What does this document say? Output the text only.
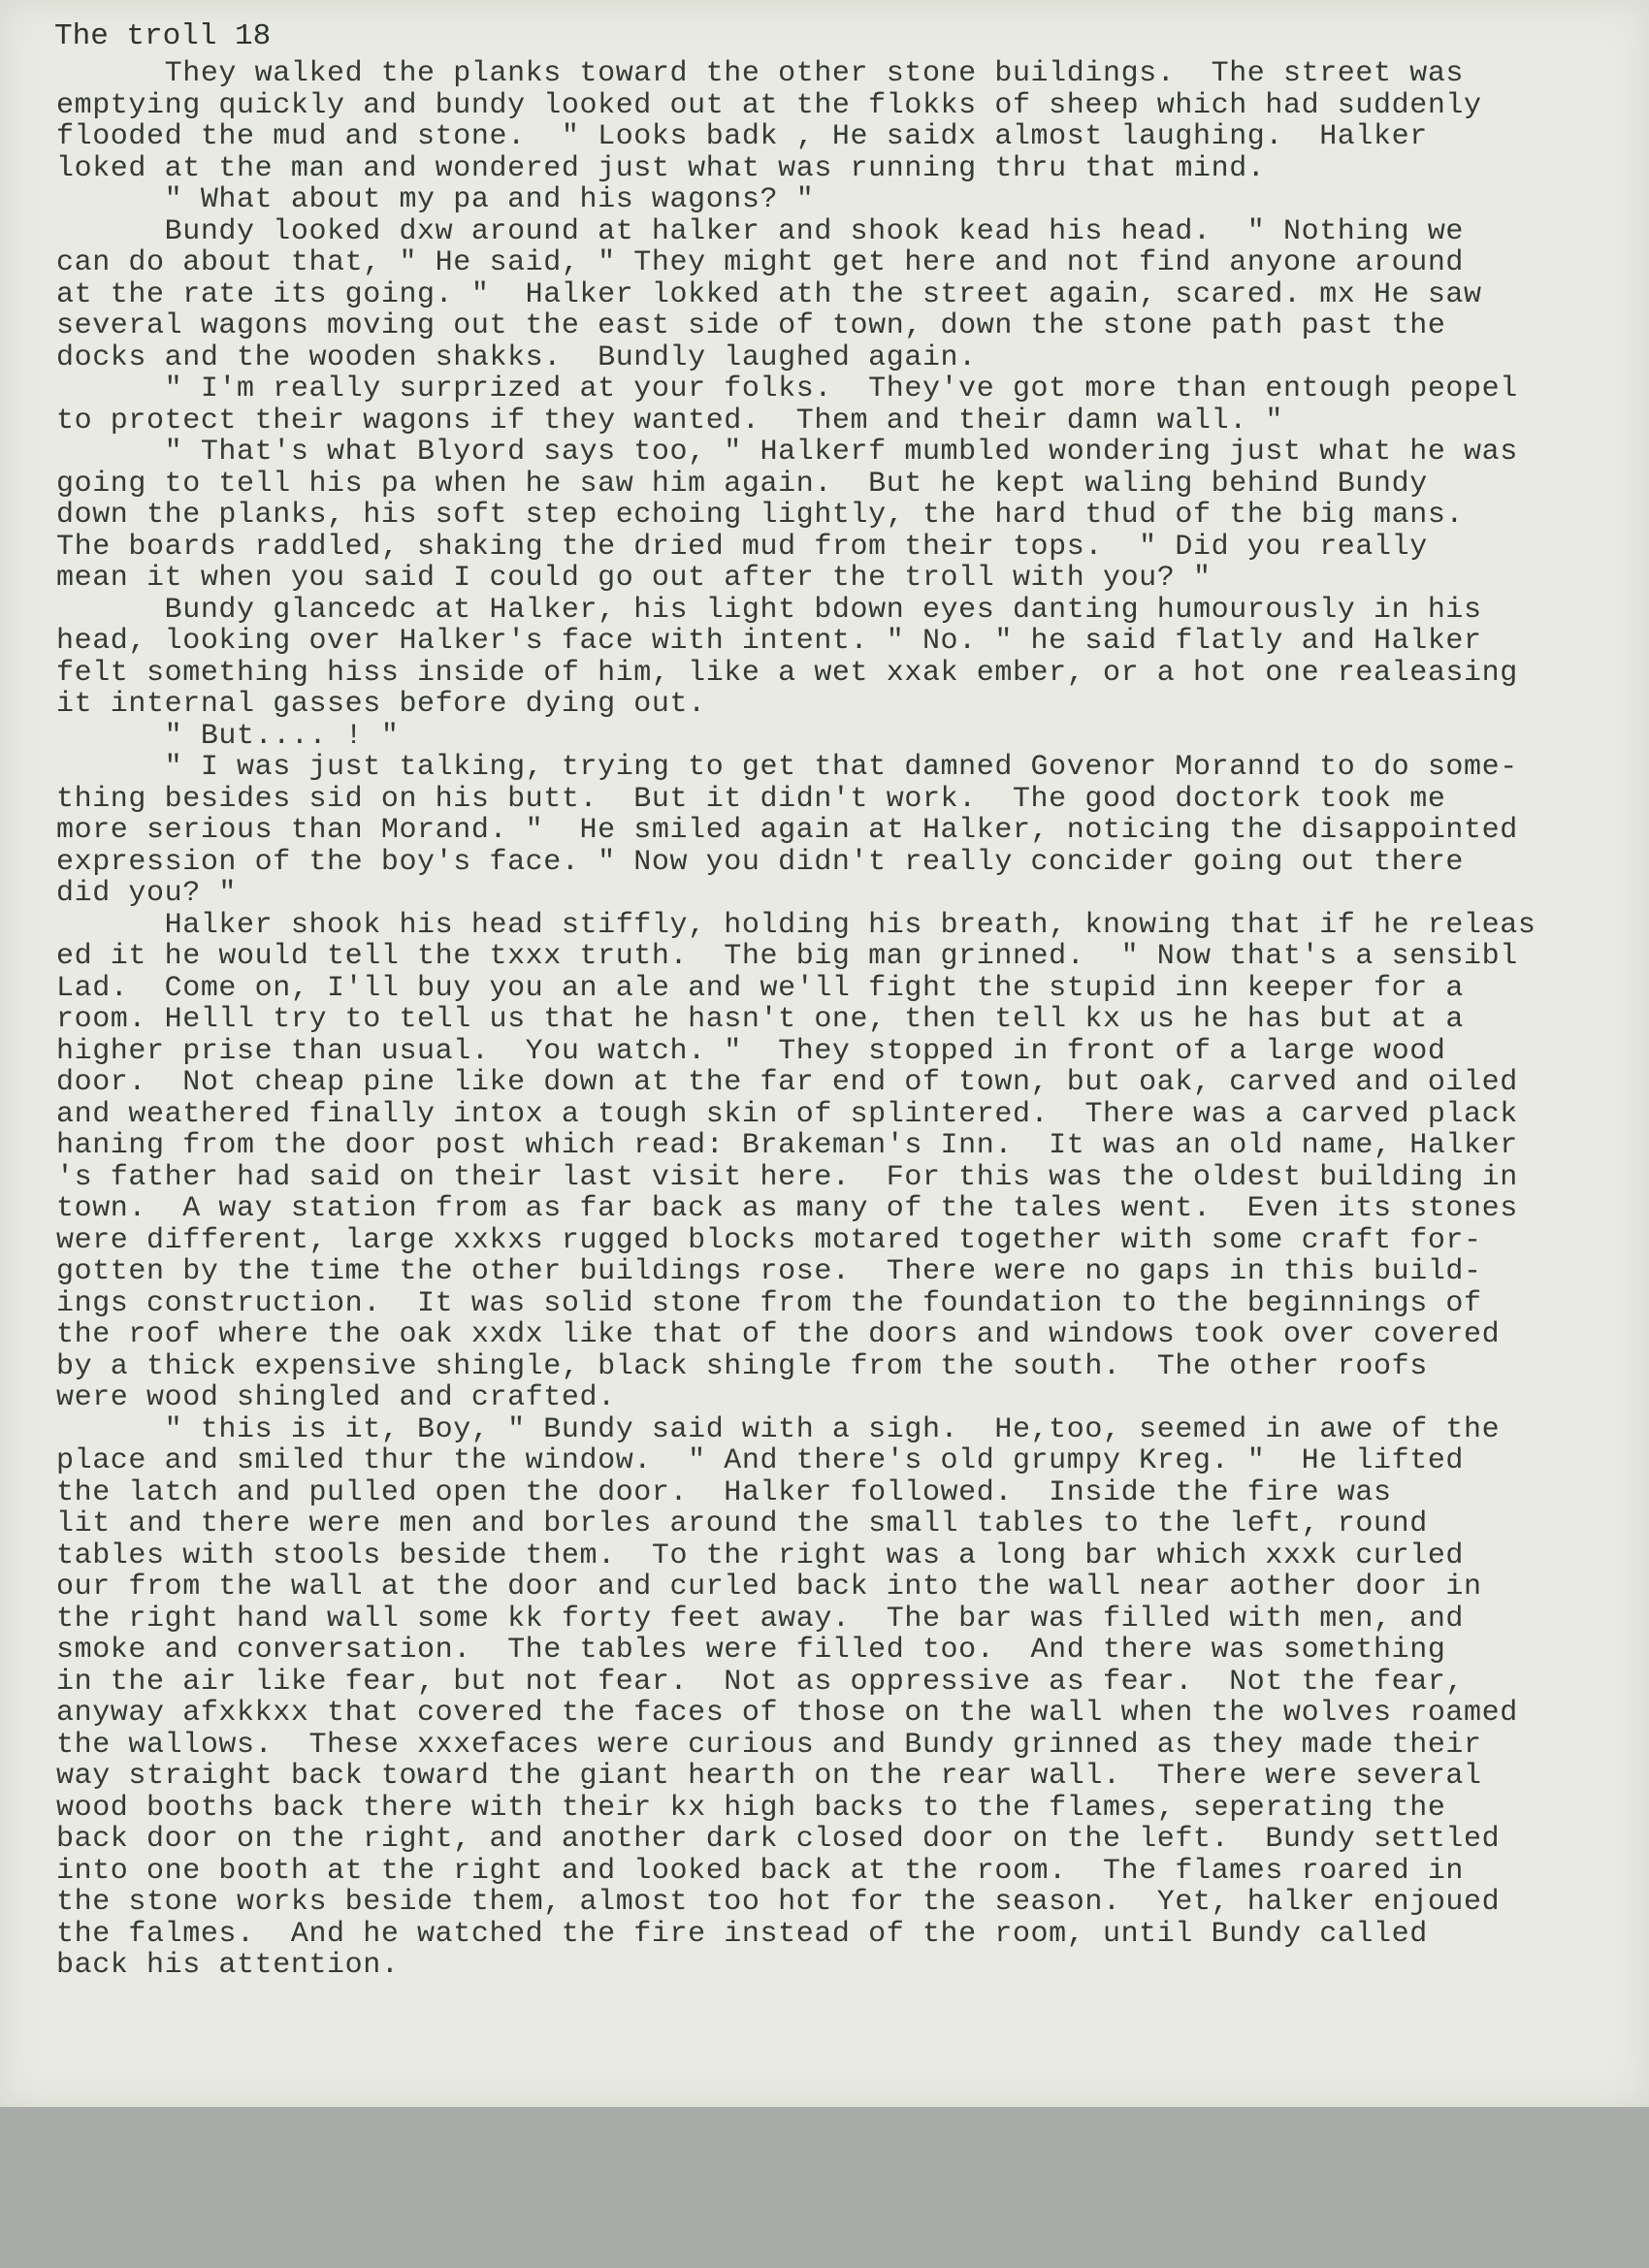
The troll 18
They walked the planks toward the other stone buildings.  The street was
emptying quickly and bundy looked out at the flokks of sheep which had suddenly
flooded the mud and stone.  " Looks badk , He saidx almost laughing.  Halker
loked at the man and wondered just what was running thru that mind.
" What about my pa and his wagons? "
Bundy looked dxw around at halker and shook kead his head.  " Nothing we
can do about that, " He said, " They might get here and not find anyone around
at the rate its going. "  Halker lokked ath the street again, scared. mx He saw
several wagons moving out the east side of town, down the stone path past the
docks and the wooden shakks.  Bundly laughed again.
" I'm really surprized at your folks.  They've got more than entough peopel
to protect their wagons if they wanted.  Them and their damn wall. "
" That's what Blyord says too, " Halkerf mumbled wondering just what he was
going to tell his pa when he saw him again.  But he kept waling behind Bundy
down the planks, his soft step echoing lightly, the hard thud of the big mans.
The boards raddled, shaking the dried mud from their tops.  " Did you really
mean it when you said I could go out after the troll with you? "
Bundy glancedc at Halker, his light bdown eyes danting humourously in his
head, looking over Halker's face with intent. " No. " he said flatly and Halker
felt something hiss inside of him, like a wet xxak ember, or a hot one realeasing
it internal gasses before dying out.
" But.... ! "
" I was just talking, trying to get that damned Govenor Morannd to do some-
thing besides sid on his butt.  But it didn't work.  The good doctork took me
more serious than Morand. "  He smiled again at Halker, noticing the disappointed
expression of the boy's face. " Now you didn't really concider going out there
did you? "
Halker shook his head stiffly, holding his breath, knowing that if he releas
ed it he would tell the txxx truth.  The big man grinned.  " Now that's a sensibl
Lad.  Come on, I'll buy you an ale and we'll fight the stupid inn keeper for a
room. Helll try to tell us that he hasn't one, then tell kx us he has but at a
higher prise than usual.  You watch. "  They stopped in front of a large wood
door.  Not cheap pine like down at the far end of town, but oak, carved and oiled
and weathered finally intox a tough skin of splintered.  There was a carved plack
haning from the door post which read: Brakeman's Inn.  It was an old name, Halker
's father had said on their last visit here.  For this was the oldest building in
town.  A way station from as far back as many of the tales went.  Even its stones
were different, large xxkxs rugged blocks motared together with some craft for-
gotten by the time the other buildings rose.  There were no gaps in this build-
ings construction.  It was solid stone from the foundation to the beginnings of
the roof where the oak xxdx like that of the doors and windows took over covered
by a thick expensive shingle, black shingle from the south.  The other roofs
were wood shingled and crafted.
" this is it, Boy, " Bundy said with a sigh.  He,too, seemed in awe of the
place and smiled thur the window.  " And there's old grumpy Kreg. "  He lifted
the latch and pulled open the door.  Halker followed.  Inside the fire was
lit and there were men and borles around the small tables to the left, round
tables with stools beside them.  To the right was a long bar which xxxk curled
our from the wall at the door and curled back into the wall near aother door in
the right hand wall some kk forty feet away.  The bar was filled with men, and
smoke and conversation.  The tables were filled too.  And there was something
in the air like fear, but not fear.  Not as oppressive as fear.  Not the fear,
anyway afxkkxx that covered the faces of those on the wall when the wolves roamed
the wallows.  These xxxefaces were curious and Bundy grinned as they made their
way straight back toward the giant hearth on the rear wall.  There were several
wood booths back there with their kx high backs to the flames, seperating the
back door on the right, and another dark closed door on the left.  Bundy settled
into one booth at the right and looked back at the room.  The flames roared in
the stone works beside them, almost too hot for the season.  Yet, halker enjoued
the falmes.  And he watched the fire instead of the room, until Bundy called
back his attention.
